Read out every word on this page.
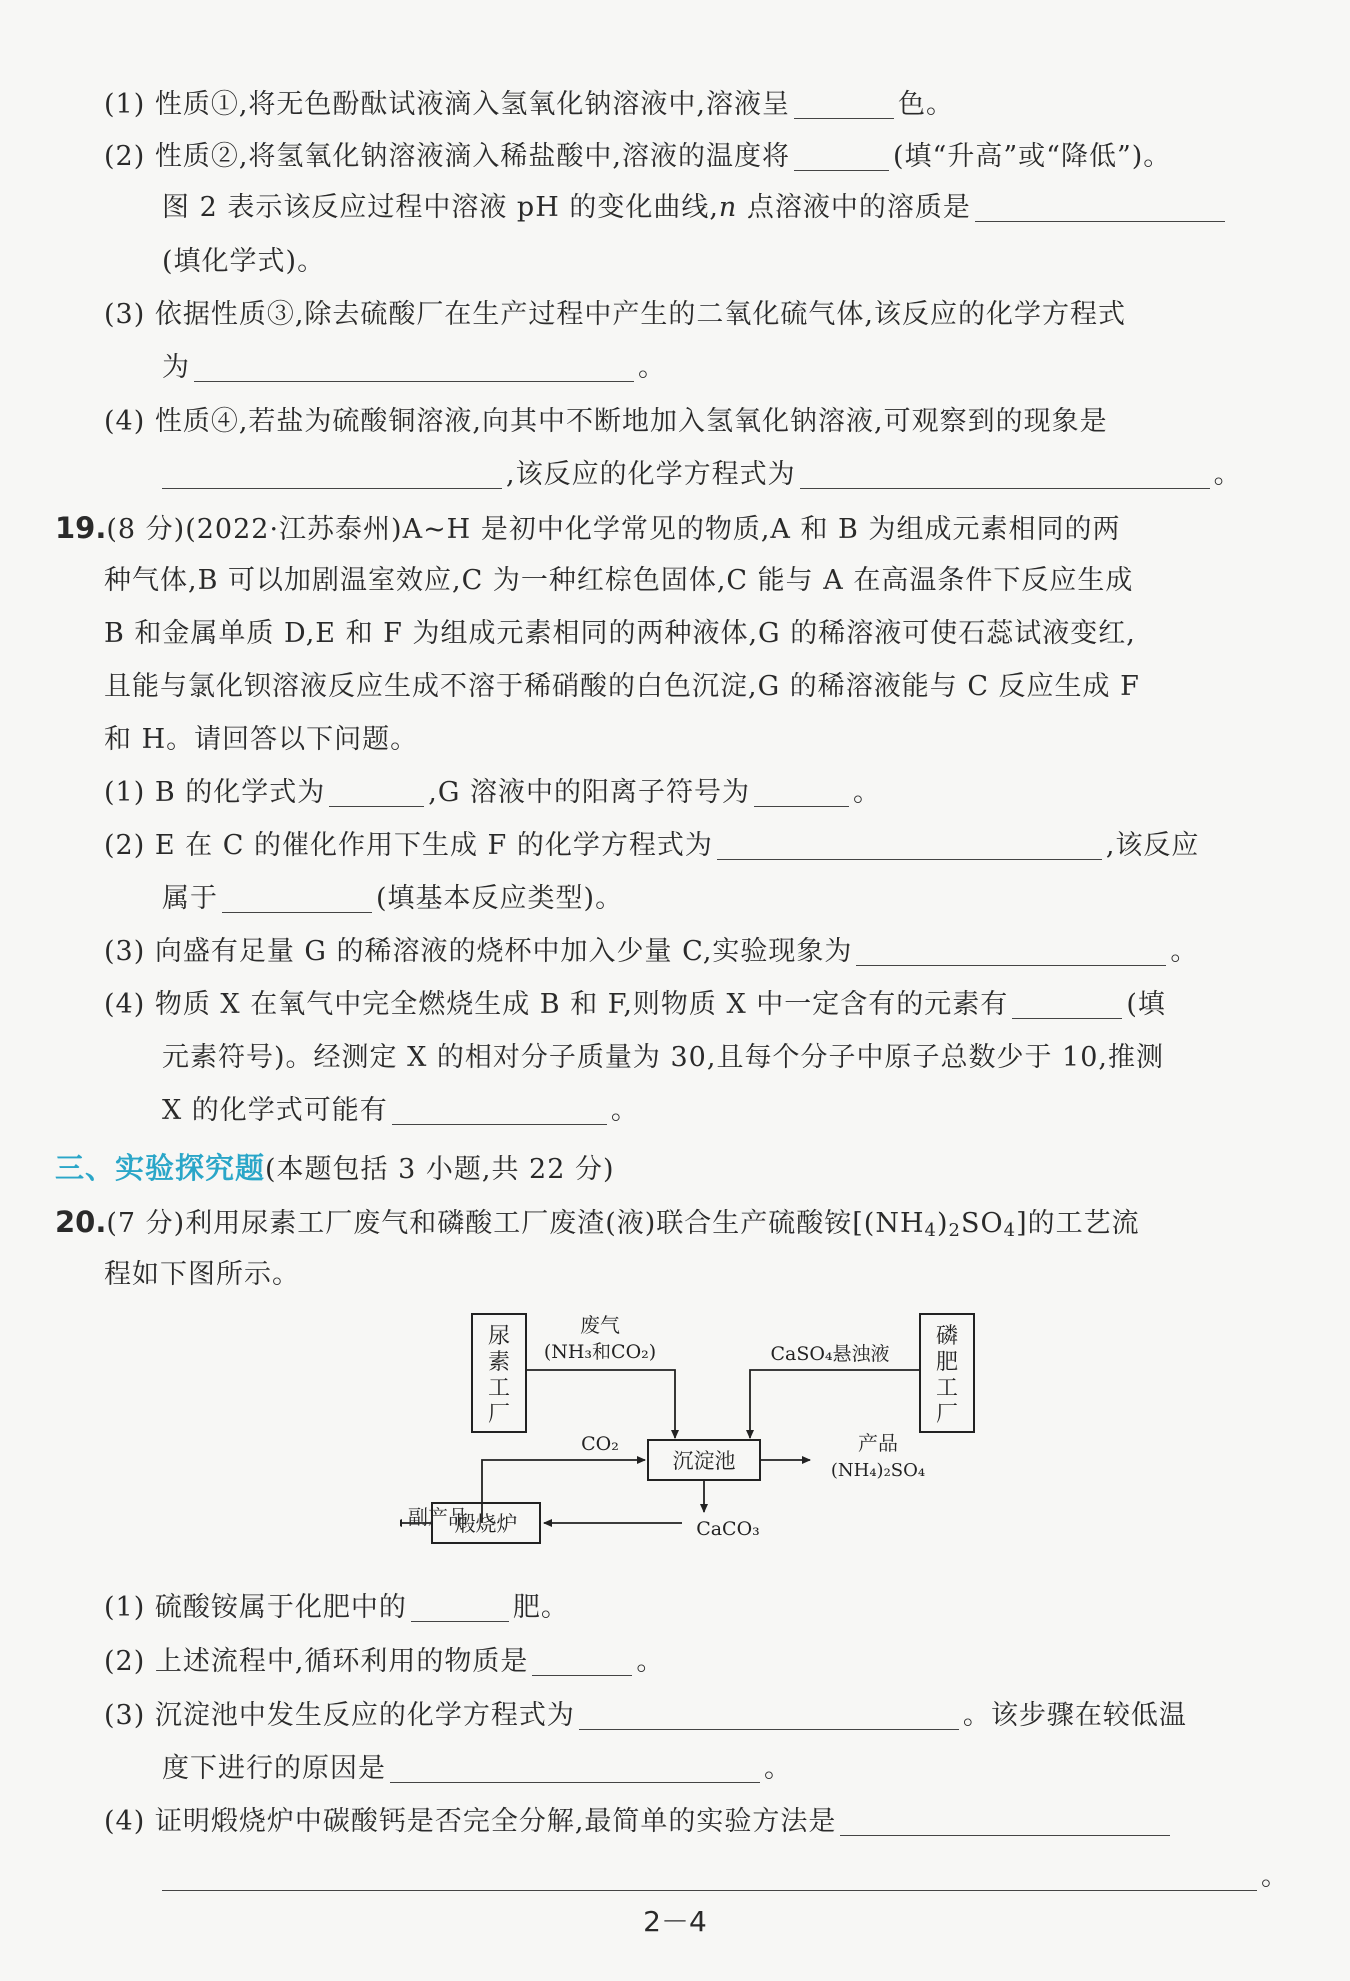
(1) 性质①,将无色酚酞试液滴入氢氧化钠溶液中,溶液呈	色。
(2) 性质②,将氢氧化钠溶液滴入稀盐酸中,溶液的温度将	(填“升高”或“降低”)。
图 2 表示该反应过程中溶液 pH 的变化曲线,n 点溶液中的溶质是
(填化学式)。
(3) 依据性质③,除去硫酸厂在生产过程中产生的二氧化硫气体,该反应的化学方程式
为	。
(4) 性质④,若盐为硫酸铜溶液,向其中不断地加入氢氧化钠溶液,可观察到的现象是
,该反应的化学方程式为	。
19.(8 分)(2022·江苏泰州)A~H 是初中化学常见的物质,A 和 B 为组成元素相同的两
种气体,B 可以加剧温室效应,C 为一种红棕色固体,C 能与 A 在高温条件下反应生成
B 和金属单质 D,E 和 F 为组成元素相同的两种液体,G 的稀溶液可使石蕊试液变红,
且能与氯化钡溶液反应生成不溶于稀硝酸的白色沉淀,G 的稀溶液能与 C 反应生成 F
和 H。请回答以下问题。
(1) B 的化学式为	,G 溶液中的阳离子符号为	。
(2) E 在 C 的催化作用下生成 F 的化学方程式为	,该反应
属于	(填基本反应类型)。
(3) 向盛有足量 G 的稀溶液的烧杯中加入少量 C,实验现象为	。
(4) 物质 X 在氧气中完全燃烧生成 B 和 F,则物质 X 中一定含有的元素有	(填
元素符号)。经测定 X 的相对分子质量为 30,且每个分子中原子总数少于 10,推测
X 的化学式可能有	。
三、实验探究题(本题包括 3 小题,共 22 分)
20.(7 分)利用尿素工厂废气和磷酸工厂废渣(液)联合生产硫酸铵$[(NH_4)_2SO_4]$的工艺流
程如下图所示。
尿
素
工
厂
磷
肥
工
厂
废气
(NH₃和CO₂)	CaSO₄悬浊液
沉淀池
CO₂	产品
(NH₄)₂SO₄
CaCO₃
煅烧炉
副产品
(1) 硫酸铵属于化肥中的	肥。
(2) 上述流程中,循环利用的物质是	。
(3) 沉淀池中发生反应的化学方程式为	。该步骤在较低温
度下进行的原因是	。
(4) 证明煅烧炉中碳酸钙是否完全分解,最简单的实验方法是
。
2－4
